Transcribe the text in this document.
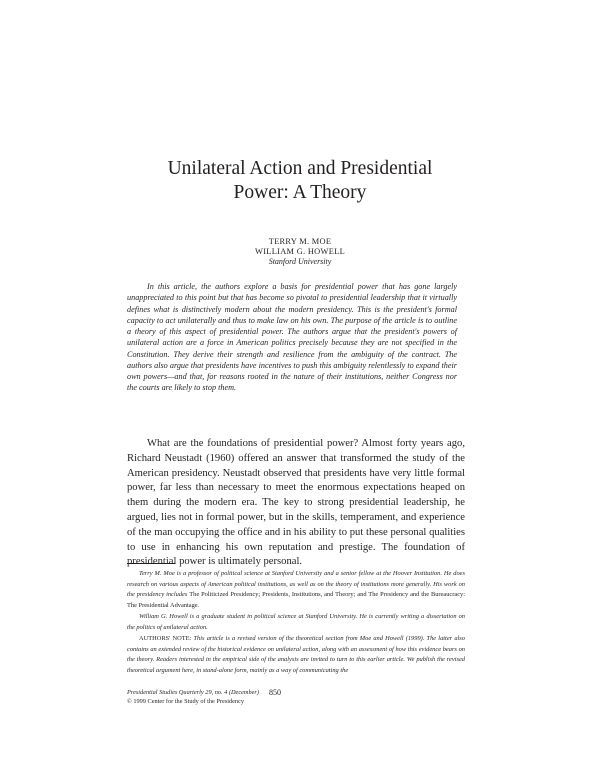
Unilateral Action and Presidential
Power: A Theory
TERRY M. MOE
WILLIAM G. HOWELL
Stanford University

In this article, the authors explore a basis for presidential power that has gone largely unappreciated to this point but that has become so pivotal to presidential leadership that it virtually defines what is distinctively modern about the modern presidency. This is the president's formal capacity to act unilaterally and thus to make law on his own. The purpose of the article is to outline a theory of this aspect of presidential power. The authors argue that the president's powers of unilateral action are a force in American politics precisely because they are not specified in the Constitution. They derive their strength and resilience from the ambiguity of the contract. The authors also argue that presidents have incentives to push this ambiguity relentlessly to expand their own powers—and that, for reasons rooted in the nature of their institutions, neither Congress nor the courts are likely to stop them.

What are the foundations of presidential power? Almost forty years ago, Richard Neustadt (1960) offered an answer that transformed the study of the American presidency. Neustadt observed that presidents have very little formal power, far less than necessary to meet the enormous expectations heaped on them during the modern era. The key to strong presidential leadership, he argued, lies not in formal power, but in the skills, temperament, and experience of the man occupying the office and in his ability to put these personal qualities to use in enhancing his own reputation and prestige. The foundation of presidential power is ultimately personal.

Terry M. Moe is a professor of political science at Stanford University and a senior fellow at the Hoover Institution. He does research on various aspects of American political institutions, as well as on the theory of institutions more generally. His work on the presidency includes The Politicized Presidency; Presidents, Institutions, and Theory; and The Presidency and the Bureaucracy: The Presidential Advantage.

William G. Howell is a graduate student in political science at Stanford University. He is currently writing a dissertation on the politics of unilateral action.

AUTHORS' NOTE: This article is a revised version of the theoretical section from Moe and Howell (1999). The latter also contains an extended review of the historical evidence on unilateral action, along with an assessment of how this evidence bears on the theory. Readers interested in the empirical side of the analysis are invited to turn to this earlier article. We publish the revised theoretical argument here, in stand-alone form, mainly as a way of communicating the

Presidential Studies Quarterly 29, no. 4 (December)
© 1999 Center for the Study of the Presidency
850
